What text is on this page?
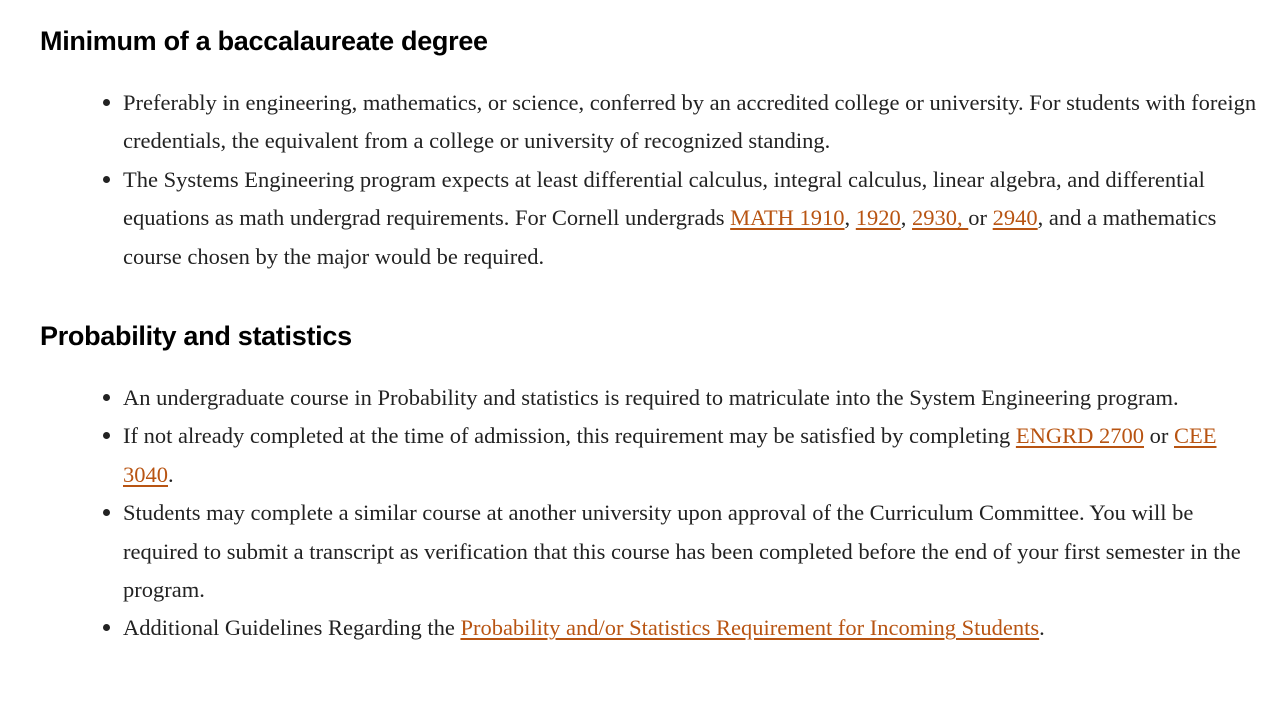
Minimum of a baccalaureate degree
Preferably in engineering, mathematics, or science, conferred by an accredited college or university. For students with foreign credentials, the equivalent from a college or university of recognized standing.
The Systems Engineering program expects at least differential calculus, integral calculus, linear algebra, and differential equations as math undergrad requirements. For Cornell undergrads MATH 1910, 1920, 2930, or 2940, and a mathematics course chosen by the major would be required.
Probability and statistics
An undergraduate course in Probability and statistics is required to matriculate into the System Engineering program.
If not already completed at the time of admission, this requirement may be satisfied by completing ENGRD 2700 or CEE 3040.
Students may complete a similar course at another university upon approval of the Curriculum Committee. You will be required to submit a transcript as verification that this course has been completed before the end of your first semester in the program.
Additional Guidelines Regarding the Probability and/or Statistics Requirement for Incoming Students.
